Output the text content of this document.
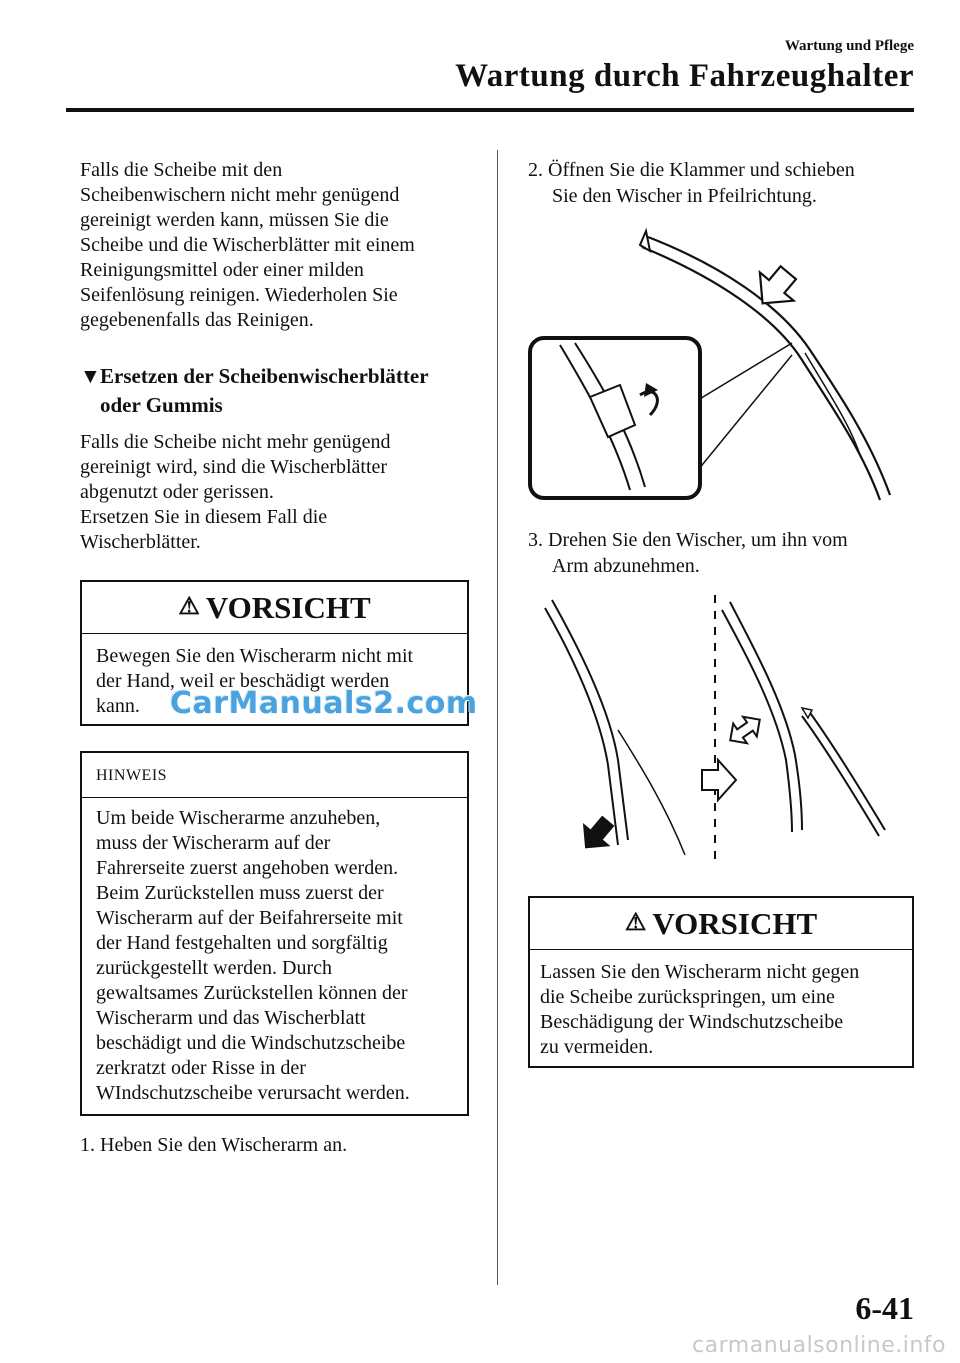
Wartung und Pflege
Wartung durch Fahrzeughalter
Falls die Scheibe mit den
Scheibenwischern nicht mehr genügend
gereinigt werden kann, müssen Sie die
Scheibe und die Wischerblätter mit einem
Reinigungsmittel oder einer milden
Seifenlösung reinigen. Wiederholen Sie
gegebenenfalls das Reinigen.
▼Ersetzen der Scheibenwischerblätter
oder Gummis
Falls die Scheibe nicht mehr genügend
gereinigt wird, sind die Wischerblätter
abgenutzt oder gerissen.
Ersetzen Sie in diesem Fall die
Wischerblätter.
⚠ VORSICHT
Bewegen Sie den Wischerarm nicht mit
der Hand, weil er beschädigt werden
kann.	CarManuals2.com
HINWEIS
Um beide Wischerarme anzuheben,
muss der Wischerarm auf der
Fahrerseite zuerst angehoben werden.
Beim Zurückstellen muss zuerst der
Wischerarm auf der Beifahrerseite mit
der Hand festgehalten und sorgfältig
zurückgestellt werden. Durch
gewaltsames Zurückstellen können der
Wischerarm und das Wischerblatt
beschädigt und die Windschutzscheibe
zerkratzt oder Risse in der
WIndschutzscheibe verursacht werden.
1. Heben Sie den Wischerarm an.
2. Öffnen Sie die Klammer und schieben
Sie den Wischer in Pfeilrichtung.
3. Drehen Sie den Wischer, um ihn vom
Arm abzunehmen.
⚠ VORSICHT
Lassen Sie den Wischerarm nicht gegen
die Scheibe zurückspringen, um eine
Beschädigung der Windschutzscheibe
zu vermeiden.
6-41
carmanualsonline.info
